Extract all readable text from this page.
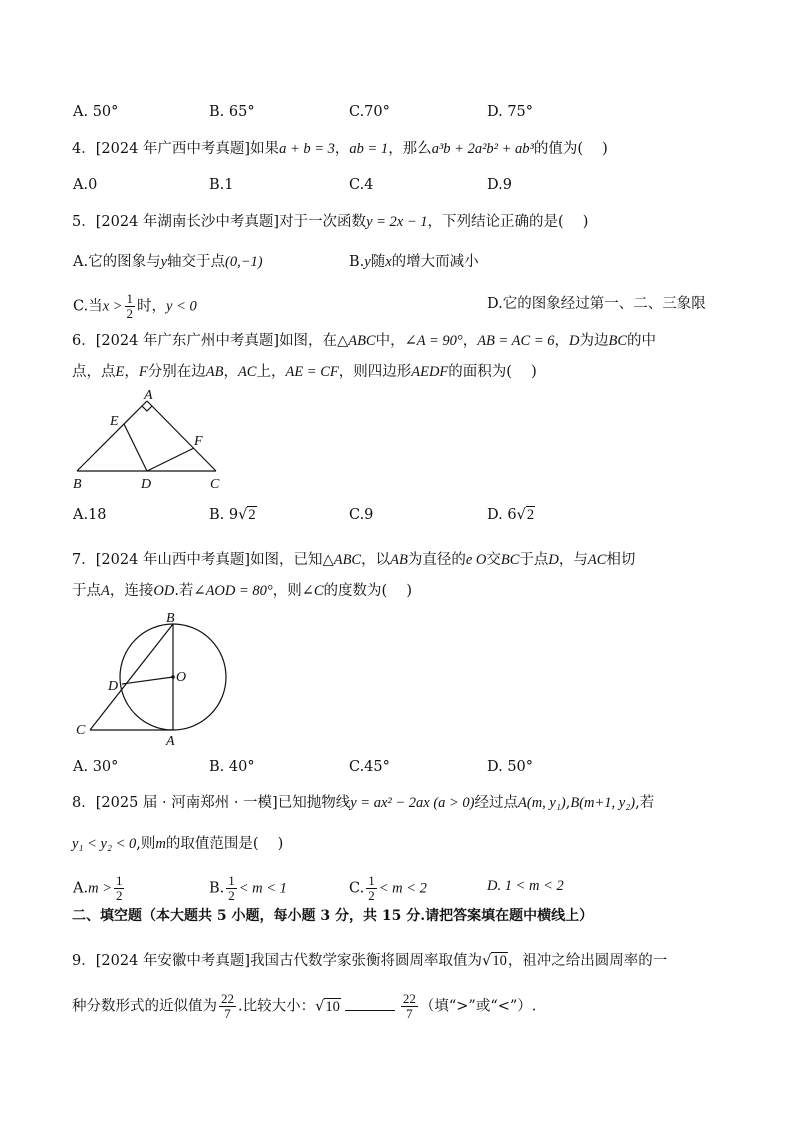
A. 50°	B. 65°	C.70°	D. 75°
4．[2024 年广西中考真题]如果a + b = 3，ab = 1，那么a³b + 2a²b² + ab³的值为(　 )
A.0	B.1	C.4	D.9
5．[2024 年湖南长沙中考真题]对于一次函数y = 2x − 1，下列结论正确的是(　 )
A.它的图象与y轴交于点(0,−1)	B.y随x的增大而减小
C.当$x > \frac{1}{2}$ 时，y < 0	D.它的图象经过第一、二、三象限
6．[2024 年广东广州中考真题]如图，在△ABC中，∠A = 90°，AB = AC = 6，D为边BC的中
点，点E，F分别在边AB，AC上，AE = CF，则四边形AEDF的面积为(　 )
A
E
F
B	D	C
A.18	B. 9√2	C.9	D. 6√2
7．[2024 年山西中考真题]如图，已知△ABC，以AB为直径的e O交BC于点D，与AC相切
于点A，连接OD.若∠AOD = 80°，则∠C的度数为(　 )
B
O
D
C
A
A. 30°	B. 40°	C.45°	D. 50°
8．[2025 届 · 河南郑州 · 一模]已知抛物线y = ax² − 2ax (a > 0)经过点A(m, y₁),B(m+1, y₂),若
y₁ < y₂ < 0,则m的取值范围是(　 )
$A.m > \frac{1}{2}$	B. $\frac{1}{2} < m < 1$	C. $\frac{1}{2} < m < 2$	D. 1 < m < 2
二、填空题（本大题共 5 小题，每小题 3 分，共 15 分.请把答案填在题中横线上）
9．[2024 年安徽中考真题]我国古代数学家张衡将圆周率取值为√10，祖冲之给出圆周率的一
种分数形式的近似值为 $\frac{22}{7}$ .比较大小：√10	$\frac{22}{7}$ （填“>”或“<”）.
